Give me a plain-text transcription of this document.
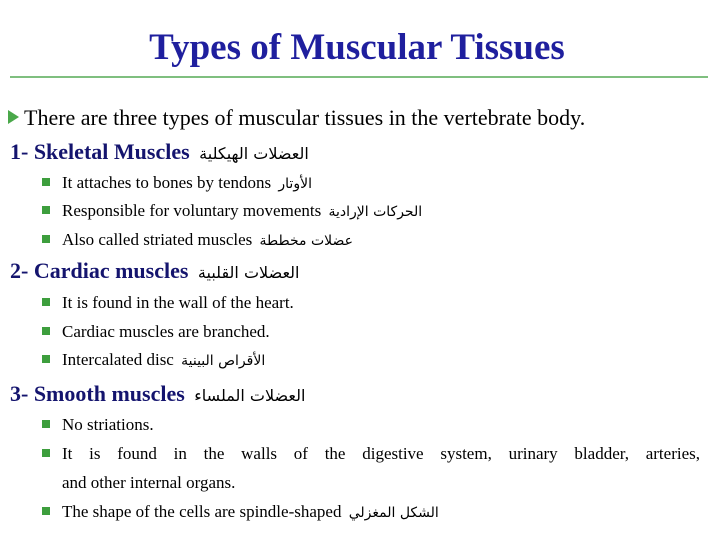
Types of Muscular Tissues
There are three types of muscular tissues in the vertebrate body.
1- Skeletal Muscles العضلات الهيكلية
It attaches to bones by tendons الأوتار
Responsible for voluntary movements الحركات الإرادية
Also called striated muscles عضلات مخططة
2- Cardiac muscles العضلات القلبية
It is found in the wall of the heart.
Cardiac muscles are branched.
Intercalated disc الأقراص البينية
3- Smooth muscles العضلات الملساء
No striations.
It is found in the walls of the digestive system, urinary bladder, arteries,
and other internal organs.
The shape of the cells are spindle-shaped الشكل المغزلي
